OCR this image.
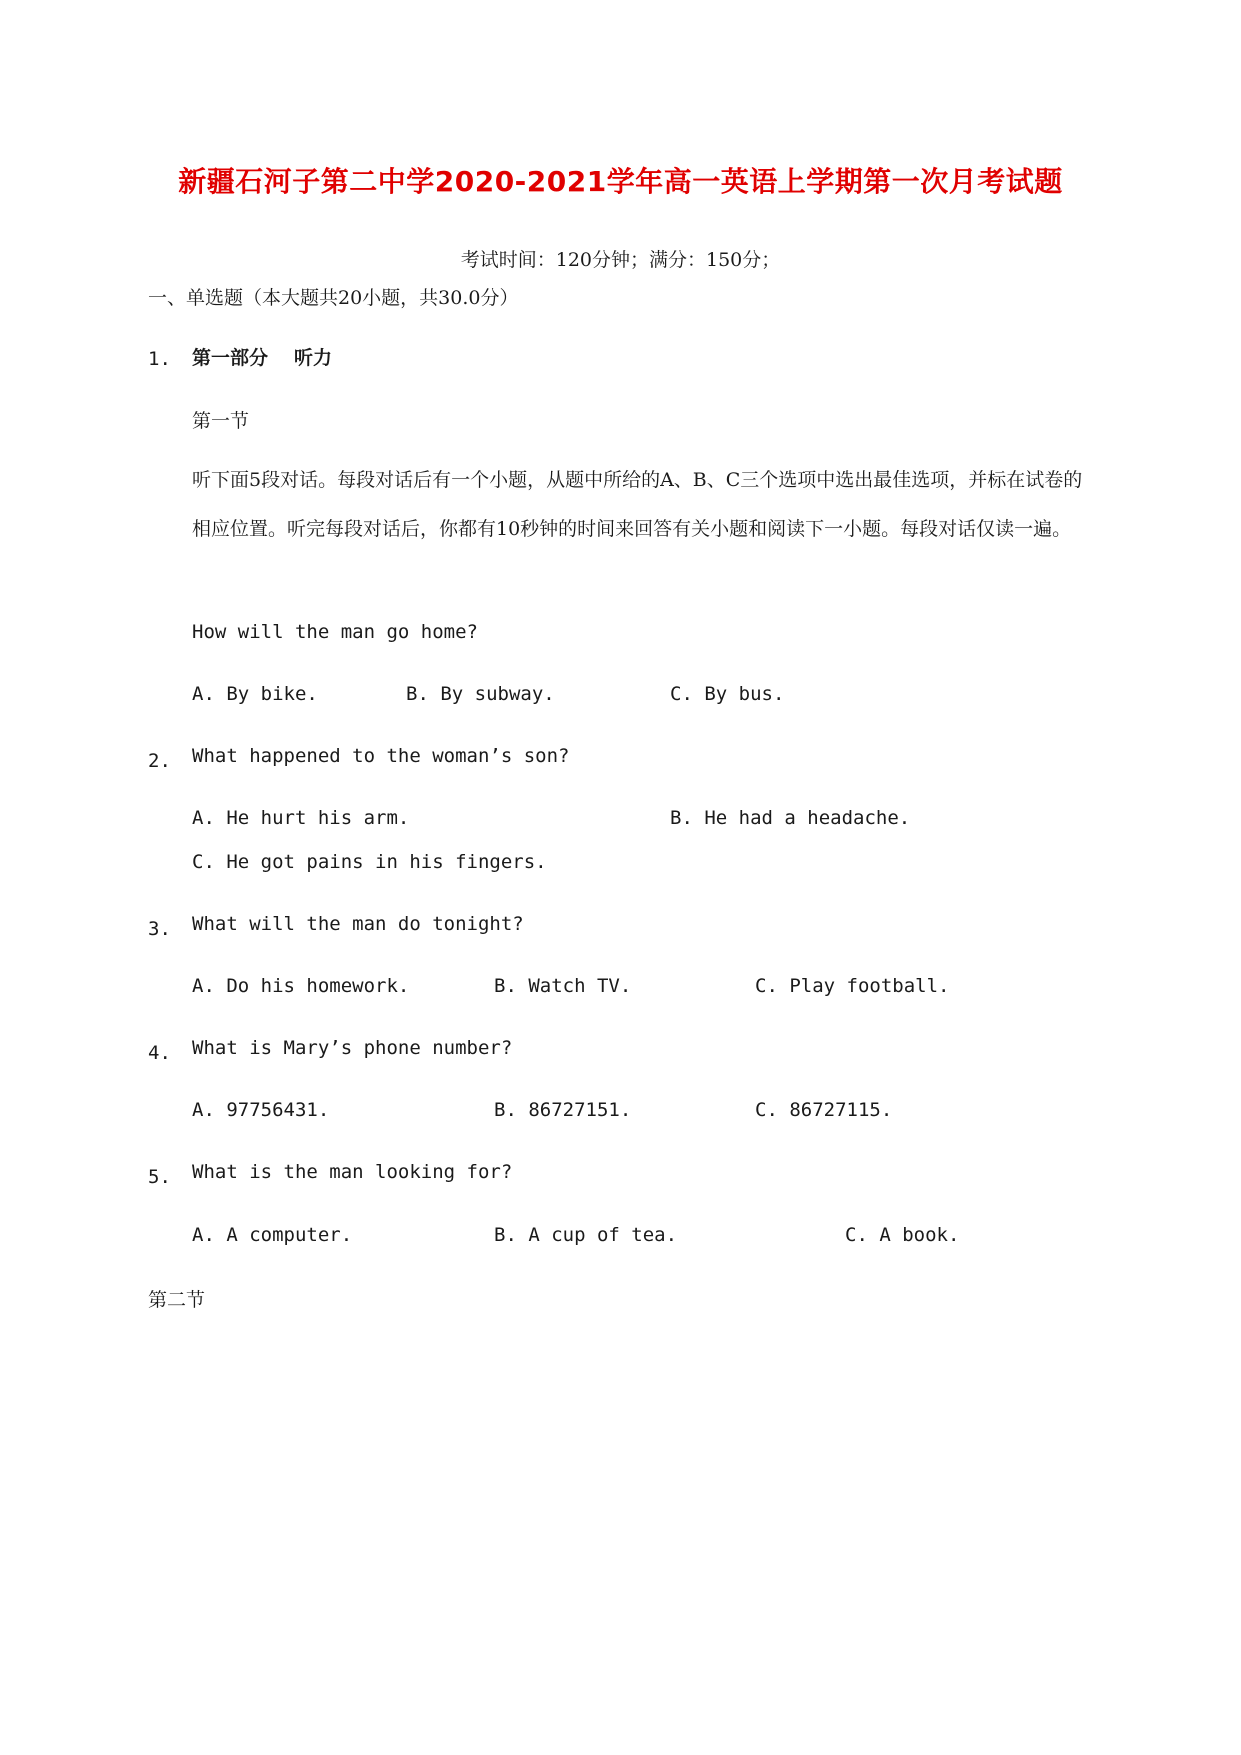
新疆石河子第二中学2020-2021学年高一英语上学期第一次月考试题
考试时间：120分钟；满分：150分；
一、单选题（本大题共20小题，共30.0分）
1. 第一部分 听力
第一节
听下面5段对话。每段对话后有一个小题，从题中所给的A、B、C三个选项中选出最佳选项，并标在试卷的相应位置。听完每段对话后，你都有10秒钟的时间来回答有关小题和阅读下一小题。每段对话仅读一遍。
How will the man go home?
A. By bike.	B. By subway.	C. By bus.
2. What happened to the woman’s son?
A. He hurt his arm.	B. He had a headache.
C. He got pains in his fingers.
3. What will the man do tonight?
A. Do his homework.	B. Watch TV.	C. Play football.
4. What is Mary’s phone number?
A. 97756431.	B. 86727151.	C. 86727115.
5. What is the man looking for?
A. A computer.	B. A cup of tea.	C. A book.
第二节
